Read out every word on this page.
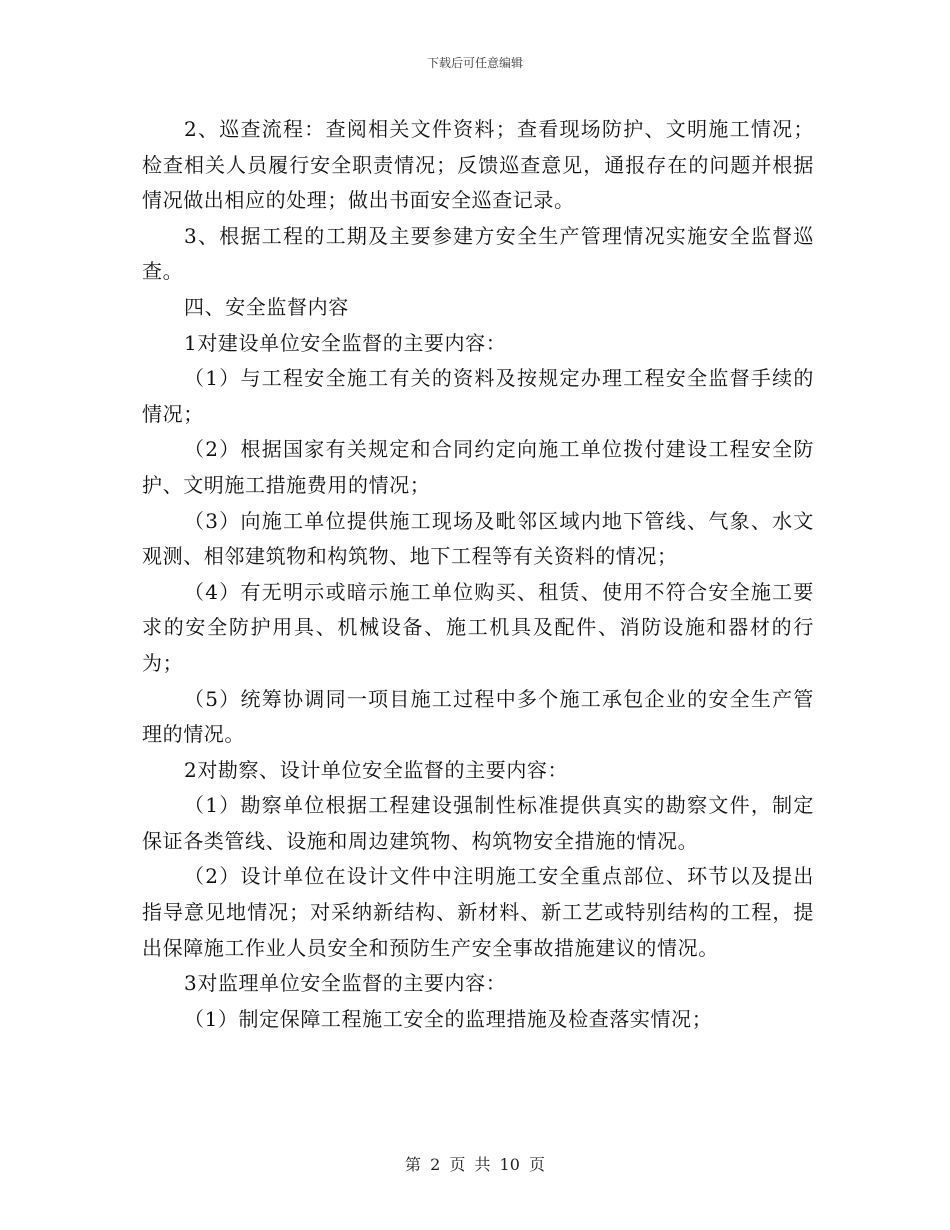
下载后可任意编辑

2、巡查流程：查阅相关文件资料；查看现场防护、文明施工情况；检查相关人员履行安全职责情况；反馈巡查意见，通报存在的问题并根据情况做出相应的处理；做出书面安全巡查记录。

3、根据工程的工期及主要参建方安全生产管理情况实施安全监督巡查。

四、安全监督内容

1对建设单位安全监督的主要内容：

（1）与工程安全施工有关的资料及按规定办理工程安全监督手续的情况；

（2）根据国家有关规定和合同约定向施工单位拨付建设工程安全防护、文明施工措施费用的情况；

（3）向施工单位提供施工现场及毗邻区域内地下管线、气象、水文观测、相邻建筑物和构筑物、地下工程等有关资料的情况；

（4）有无明示或暗示施工单位购买、租赁、使用不符合安全施工要求的安全防护用具、机械设备、施工机具及配件、消防设施和器材的行为；

（5）统筹协调同一项目施工过程中多个施工承包企业的安全生产管理的情况。

2对勘察、设计单位安全监督的主要内容：

（1）勘察单位根据工程建设强制性标准提供真实的勘察文件，制定保证各类管线、设施和周边建筑物、构筑物安全措施的情况。

（2）设计单位在设计文件中注明施工安全重点部位、环节以及提出指导意见地情况；对采纳新结构、新材料、新工艺或特别结构的工程，提出保障施工作业人员安全和预防生产安全事故措施建议的情况。

3对监理单位安全监督的主要内容：

（1）制定保障工程施工安全的监理措施及检查落实情况；

第 2 页 共 10 页
